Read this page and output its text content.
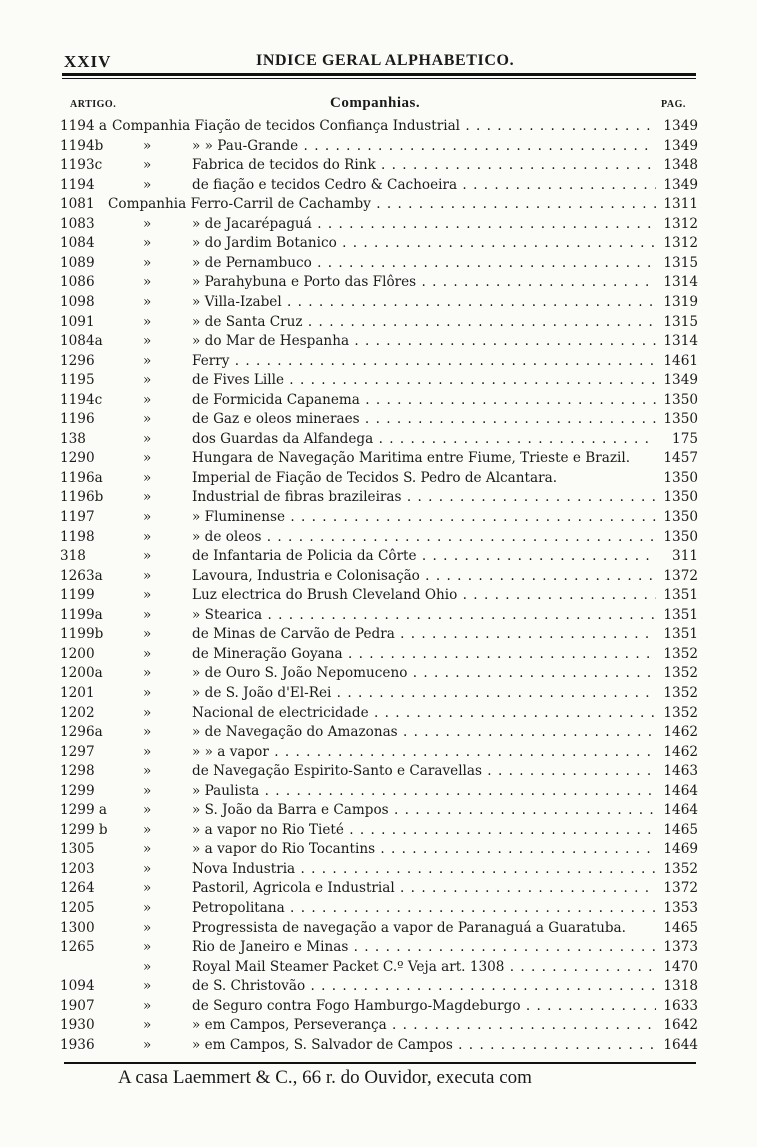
XXIV	INDICE GERAL ALPHABETICO.
ARTIGO.	Companhias.	PAG.
1194 a Companhia Fiação de tecidos Confiança Industrial . . .	1349
1194b	»	» » Pau-Grande . . .	1349
1193c	»	Fabrica de tecidos do Rink . . .	1348
1194	»	de fiação e tecidos Cedro & Cachoeira . . .	1349
1081 Companhia Ferro-Carril de Cachamby . . .	1311
1083	»	» de Jacarépaguá . . .	1312
1084	»	» do Jardim Botanico . . .	1312
1089	»	» de Pernambuco . . .	1315
1086	»	» Parahybuna e Porto das Flôres . . .	1314
1098	»	» Villa-Izabel . . .	1319
1091	»	» de Santa Cruz . . .	1315
1084a	»	» do Mar de Hespanha . . .	1314
1296	»	Ferry . . .	1461
1195	»	de Fives Lille . . .	1349
1194c	»	de Formicida Capanema . . .	1350
1196	»	de Gaz e oleos mineraes . . .	1350
138	»	dos Guardas da Alfandega . . .	175
1290	»	Hungara de Navegação Maritima entre Fiume, Trieste e Brazil.	1457
1196a	»	Imperial de Fiação de Tecidos S. Pedro de Alcantara.	1350
1196b	»	Industrial de fibras brazileiras . . .	1350
1197	»	» Fluminense . . .	1350
1198	»	» de oleos . . .	1350
318	»	de Infantaria de Policia da Côrte . . .	311
1263a	»	Lavoura, Industria e Colonisação . . .	1372
1199	»	Luz electrica do Brush Cleveland Ohio . . .	1351
1199a	»	» Stearica . . .	1351
1199b	»	de Minas de Carvão de Pedra . . .	1351
1200	»	de Mineração Goyana . . .	1352
1200a	»	» de Ouro S. João Nepomuceno . . .	1352
1201	»	» de S. João d'El-Rei . . .	1352
1202	»	Nacional de electricidade . . .	1352
1296a	»	» de Navegação do Amazonas . . .	1462
1297	»	» » a vapor . . .	1462
1298	»	de Navegação Espirito-Santo e Caravellas . . .	1463
1299	»	» Paulista . . .	1464
1299 a	»	» S. João da Barra e Campos . . .	1464
1299 b	»	» a vapor no Rio Tieté . . .	1465
1305	»	» a vapor do Rio Tocantins . . .	1469
1203	»	Nova Industria . . .	1352
1264	»	Pastoril, Agricola e Industrial . . .	1372
1205	»	Petropolitana . . .	1353
1300	»	Progressista de navegação a vapor de Paranaguá a Guaratuba.	1465
1265	»	Rio de Janeiro e Minas . . .	1373
»	Royal Mail Steamer Packet C.º Veja art. 1308 . . .	1470
1094	»	de S. Christovão . . .	1318
1907	»	de Seguro contra Fogo Hamburgo-Magdeburgo . . .	1633
1930	»	» em Campos, Perseverança . . .	1642
1936	»	» em Campos, S. Salvador de Campos . . .	1644
A casa Laemmert & C., 66 r. do Ouvidor, executa com
